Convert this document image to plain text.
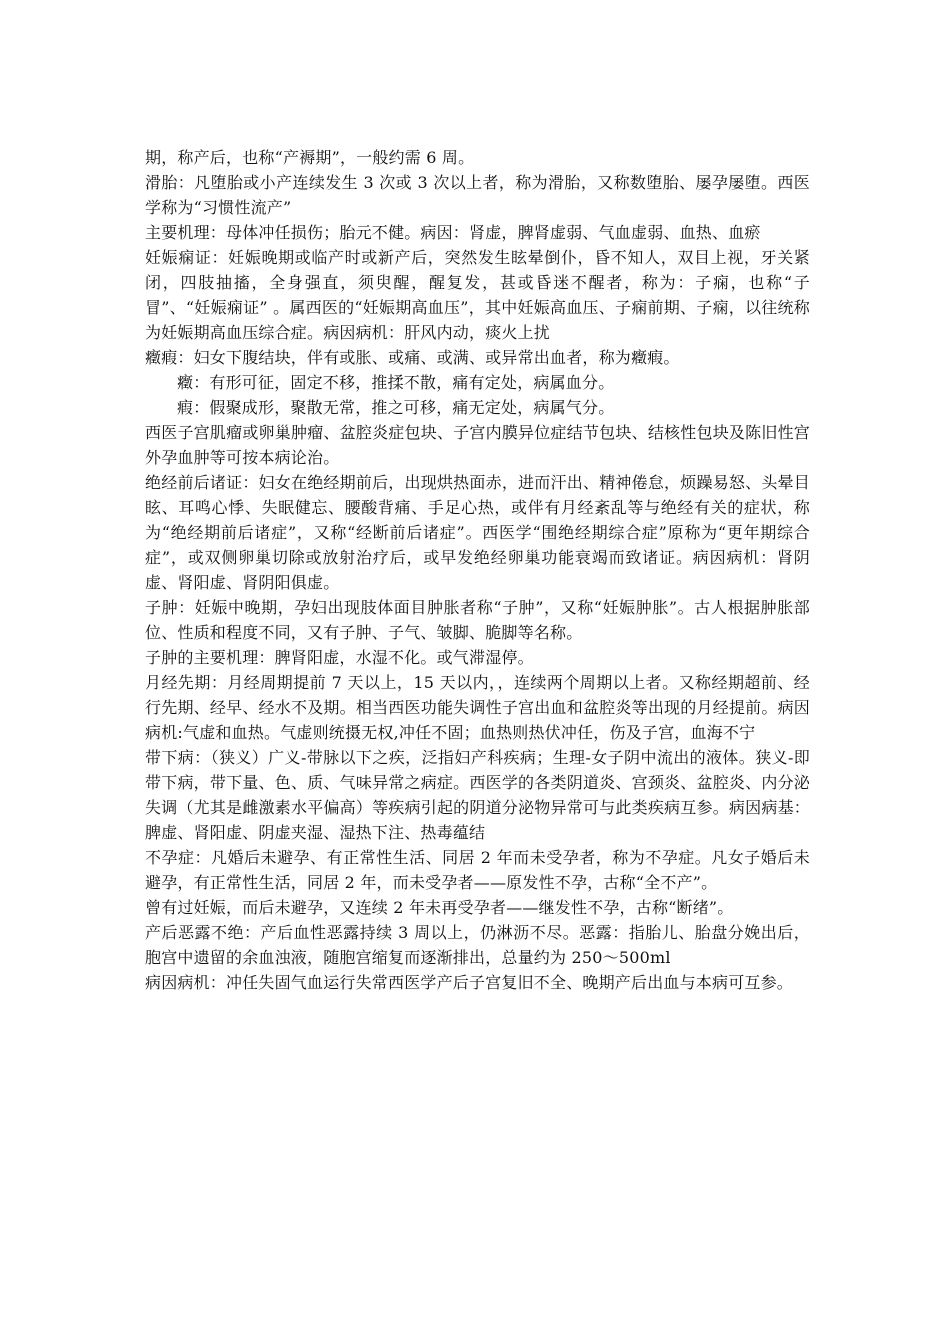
期，称产后，也称“产褥期”，一般约需 6 周。

滑胎：凡堕胎或小产连续发生 3 次或 3 次以上者，称为滑胎，又称数堕胎、屡孕屡堕。西医学称为“习惯性流产”

主要机理：母体冲任损伤；胎元不健。病因：肾虚，脾肾虚弱、气血虚弱、血热、血瘀

妊娠痫证：妊娠晚期或临产时或新产后，突然发生眩晕倒仆，昏不知人，双目上视，牙关紧闭，四肢抽搐，全身强直，须臾醒，醒复发，甚或昏迷不醒者，称为：子痫，也称“子冒”、“妊娠痫证” 。属西医的“妊娠期高血压”，其中妊娠高血压、子痫前期、子痫，以往统称为妊娠期高血压综合症。病因病机：肝风内动，痰火上扰

癥瘕：妇女下腹结块，伴有或胀、或痛、或满、或异常出血者，称为癥瘕。

癥：有形可征，固定不移，推揉不散，痛有定处，病属血分。

瘕：假聚成形，聚散无常，推之可移，痛无定处，病属气分。

西医子宫肌瘤或卵巢肿瘤、盆腔炎症包块、子宫内膜异位症结节包块、结核性包块及陈旧性宫外孕血肿等可按本病论治。

绝经前后诸证：妇女在绝经期前后，出现烘热面赤，进而汗出、精神倦怠，烦躁易怒、头晕目眩、耳鸣心悸、失眠健忘、腰酸背痛、手足心热，或伴有月经紊乱等与绝经有关的症状，称为“绝经期前后诸症”，又称“经断前后诸症”。西医学“围绝经期综合症”原称为“更年期综合症”，或双侧卵巢切除或放射治疗后，或早发绝经卵巢功能衰竭而致诸证。病因病机：肾阴虚、肾阳虚、肾阴阳俱虚。

子肿：妊娠中晚期，孕妇出现肢体面目肿胀者称“子肿”，又称“妊娠肿胀”。古人根据肿胀部位、性质和程度不同，又有子肿、子气、皱脚、脆脚等名称。

子肿的主要机理：脾肾阳虚，水湿不化。或气滞湿停。

月经先期：月经周期提前 7 天以上，15 天以内，，连续两个周期以上者。又称经期超前、经行先期、经早、经水不及期。相当西医功能失调性子宫出血和盆腔炎等出现的月经提前。病因病机:气虚和血热。气虚则统摄无权,冲任不固；血热则热伏冲任，伤及子宫，血海不宁

带下病：（狭义）广义-带脉以下之疾，泛指妇产科疾病；生理-女子阴中流出的液体。狭义-即带下病，带下量、色、质、气味异常之病症。西医学的各类阴道炎、宫颈炎、盆腔炎、内分泌失调（尤其是雌激素水平偏高）等疾病引起的阴道分泌物异常可与此类疾病互参。病因病基：脾虚、肾阳虚、阴虚夹湿、湿热下注、热毒蕴结

不孕症：凡婚后未避孕、有正常性生活、同居 2 年而未受孕者，称为不孕症。凡女子婚后未避孕，有正常性生活，同居 2 年，而未受孕者——原发性不孕，古称“全不产”。

曾有过妊娠，而后未避孕，又连续 2 年未再受孕者——继发性不孕，古称“断绪”。

产后恶露不绝：产后血性恶露持续 3 周以上，仍淋沥不尽。恶露：指胎儿、胎盘分娩出后，胞宫中遗留的余血浊液，随胞宫缩复而逐渐排出，总量约为 250～500ml

病因病机：冲任失固气血运行失常西医学产后子宫复旧不全、晚期产后出血与本病可互参。
